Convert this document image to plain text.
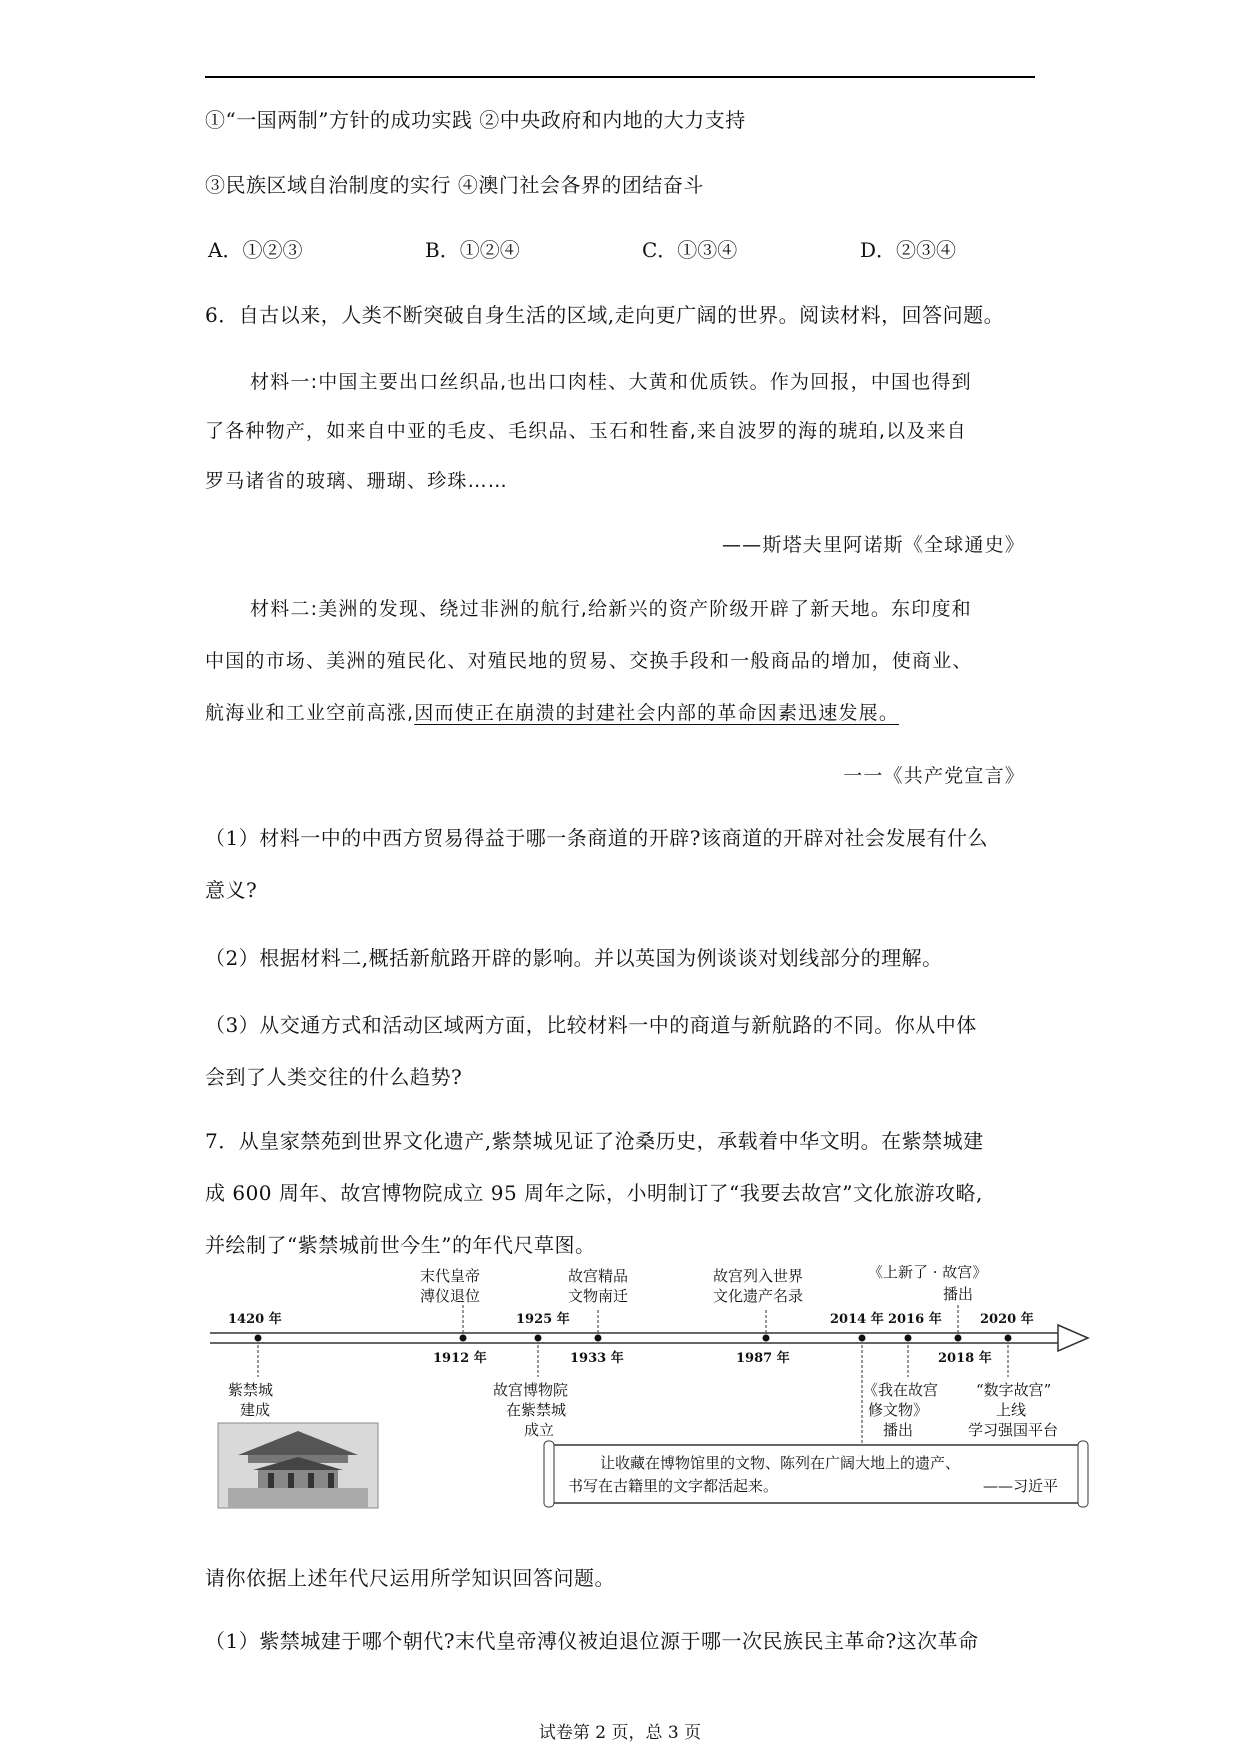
①“一国两制”方针的成功实践 ②中央政府和内地的大力支持
③民族区域自治制度的实行 ④澳门社会各界的团结奋斗
A．①②③	B．①②④	C．①③④	D．②③④
6．自古以来，人类不断突破自身生活的区域,走向更广阔的世界。阅读材料，回答问题。
材料一:中国主要出口丝织品,也出口肉桂、大黄和优质铁。作为回报，中国也得到
了各种物产，如来自中亚的毛皮、毛织品、玉石和牲畜,来自波罗的海的琥珀,以及来自
罗马诸省的玻璃、珊瑚、珍珠……
——斯塔夫里阿诺斯《全球通史》
材料二:美洲的发现、绕过非洲的航行,给新兴的资产阶级开辟了新天地。东印度和
中国的市场、美洲的殖民化、对殖民地的贸易、交换手段和一般商品的增加，使商业、
航海业和工业空前高涨,因而使正在崩溃的封建社会内部的革命因素迅速发展。
一一《共产党宣言》
（1）材料一中的中西方贸易得益于哪一条商道的开辟?该商道的开辟对社会发展有什么
意义?
（2）根据材料二,概括新航路开辟的影响。并以英国为例谈谈对划线部分的理解。
（3）从交通方式和活动区域两方面，比较材料一中的商道与新航路的不同。你从中体
会到了人类交往的什么趋势?
7．从皇家禁苑到世界文化遗产,紫禁城见证了沧桑历史，承载着中华文明。在紫禁城建
成 600 周年、故宫博物院成立 95 周年之际，小明制订了“我要去故宫”文化旅游攻略,
并绘制了“紫禁城前世今生”的年代尺草图。
1420 年
1912 年
1925 年
1933 年	1987 年
2014 年 2016 年
2018 年
2020 年
紫禁城
建成
末代皇帝
溥仪退位
故宫博物院
在紫禁城
成立
故宫精品
文物南迁
故宫列入世界
文化遗产名录
《我在故宫
修文物》
播出
《上新了 · 故宫》
播出
“数字故宫”
上线
学习强国平台
让收藏在博物馆里的文物、陈列在广阔大地上的遗产、
书写在古籍里的文字都活起来。	——习近平
请你依据上述年代尺运用所学知识回答问题。
（1）紫禁城建于哪个朝代?末代皇帝溥仪被迫退位源于哪一次民族民主革命?这次革命
试卷第 2 页，总 3 页
